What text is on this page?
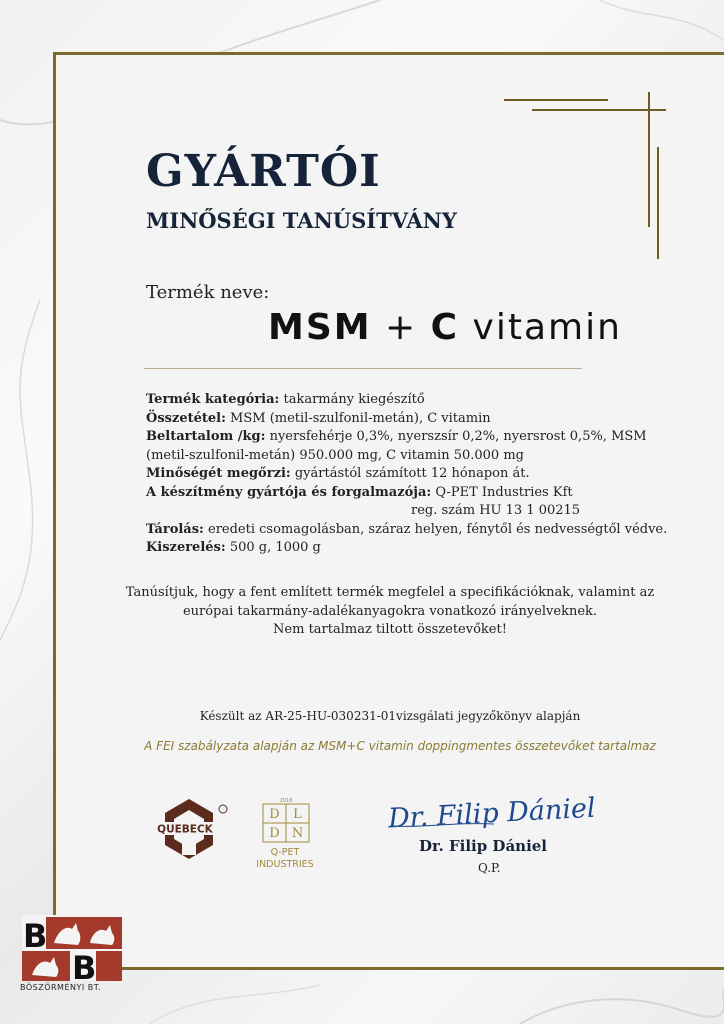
GYÁRTÓI
MINŐSÉGI TANÚSÍTVÁNY
Termék neve:
MSM + C vitamin
Termék kategória: takarmány kiegészítő
Összetétel: MSM (metil-szulfonil-metán), C vitamin
Beltartalom /kg: nyersfehérje 0,3%, nyerszsír 0,2%, nyersrost 0,5%, MSM (metil-szulfonil-metán) 950.000 mg, C vitamin 50.000 mg
Minőségét megőrzi: gyártástól számított 12 hónapon át.
A készítmény gyártója és forgalmazója: Q-PET Industries Kft
reg. szám HU 13 1 00215
Tárolás: eredeti csomagolásban, száraz helyen, fénytől és nedvességtől védve.
Kiszerelés: 500 g, 1000 g
Tanúsítjuk, hogy a fent említett termék megfelel a specifikációknak, valamint az
európai takarmány-adalékanyagokra vonatkozó irányelveknek.
Nem tartalmaz tiltott összetevőket!
Készült az AR-25-HU-030231-01vizsgálati jegyzőkönyv alapján
A FEI szabályzata alapján az MSM+C vitamin doppingmentes összetevőket tartalmaz
QUEBECK
2018
D L
D N
Q-PET
INDUSTRIES
Dr. Filip Dániel
Dr. Filip Dániel
Q.P.
B
B
BÖSZÖRMÉNYI BT.
